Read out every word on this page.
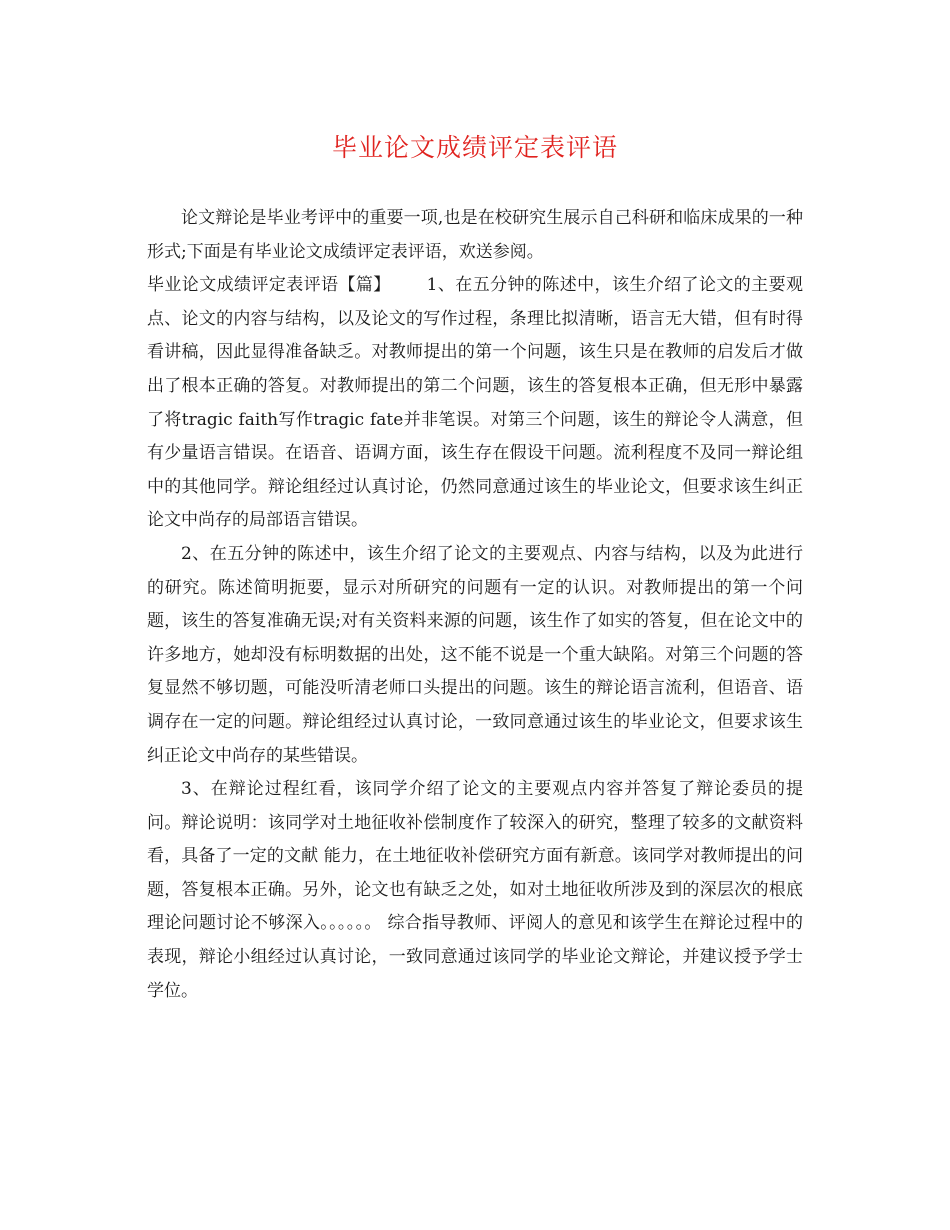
毕业论文成绩评定表评语

论文辩论是毕业考评中的重要一项,也是在校研究生展示自己科研和临床成果的一种形式;下面是有毕业论文成绩评定表评语，欢送参阅。

毕业论文成绩评定表评语【篇】 1、在五分钟的陈述中，该生介绍了论文的主要观点、论文的内容与结构，以及论文的写作过程，条理比拟清晰，语言无大错，但有时得看讲稿，因此显得准备缺乏。对教师提出的第一个问题，该生只是在教师的启发后才做出了根本正确的答复。对教师提出的第二个问题，该生的答复根本正确，但无形中暴露了将tragic faith写作tragic fate并非笔误。对第三个问题，该生的辩论令人满意，但有少量语言错误。在语音、语调方面，该生存在假设干问题。流利程度不及同一辩论组中的其他同学。辩论组经过认真讨论，仍然同意通过该生的毕业论文，但要求该生纠正论文中尚存的局部语言错误。

2、在五分钟的陈述中，该生介绍了论文的主要观点、内容与结构，以及为此进行的研究。陈述简明扼要，显示对所研究的问题有一定的认识。对教师提出的第一个问题，该生的答复准确无误;对有关资料来源的问题，该生作了如实的答复，但在论文中的许多地方，她却没有标明数据的出处，这不能不说是一个重大缺陷。对第三个问题的答复显然不够切题，可能没听清老师口头提出的问题。该生的辩论语言流利，但语音、语调存在一定的问题。辩论组经过认真讨论，一致同意通过该生的毕业论文，但要求该生纠正论文中尚存的某些错误。

3、在辩论过程红看，该同学介绍了论文的主要观点内容并答复了辩论委员的提问。辩论说明：该同学对土地征收补偿制度作了较深入的研究，整理了较多的文献资料看，具备了一定的文献 能力，在土地征收补偿研究方面有新意。该同学对教师提出的问题，答复根本正确。另外，论文也有缺乏之处，如对土地征收所涉及到的深层次的根底理论问题讨论不够深入。。。。。。 综合指导教师、评阅人的意见和该学生在辩论过程中的表现，辩论小组经过认真讨论，一致同意通过该同学的毕业论文辩论，并建议授予学士学位。
